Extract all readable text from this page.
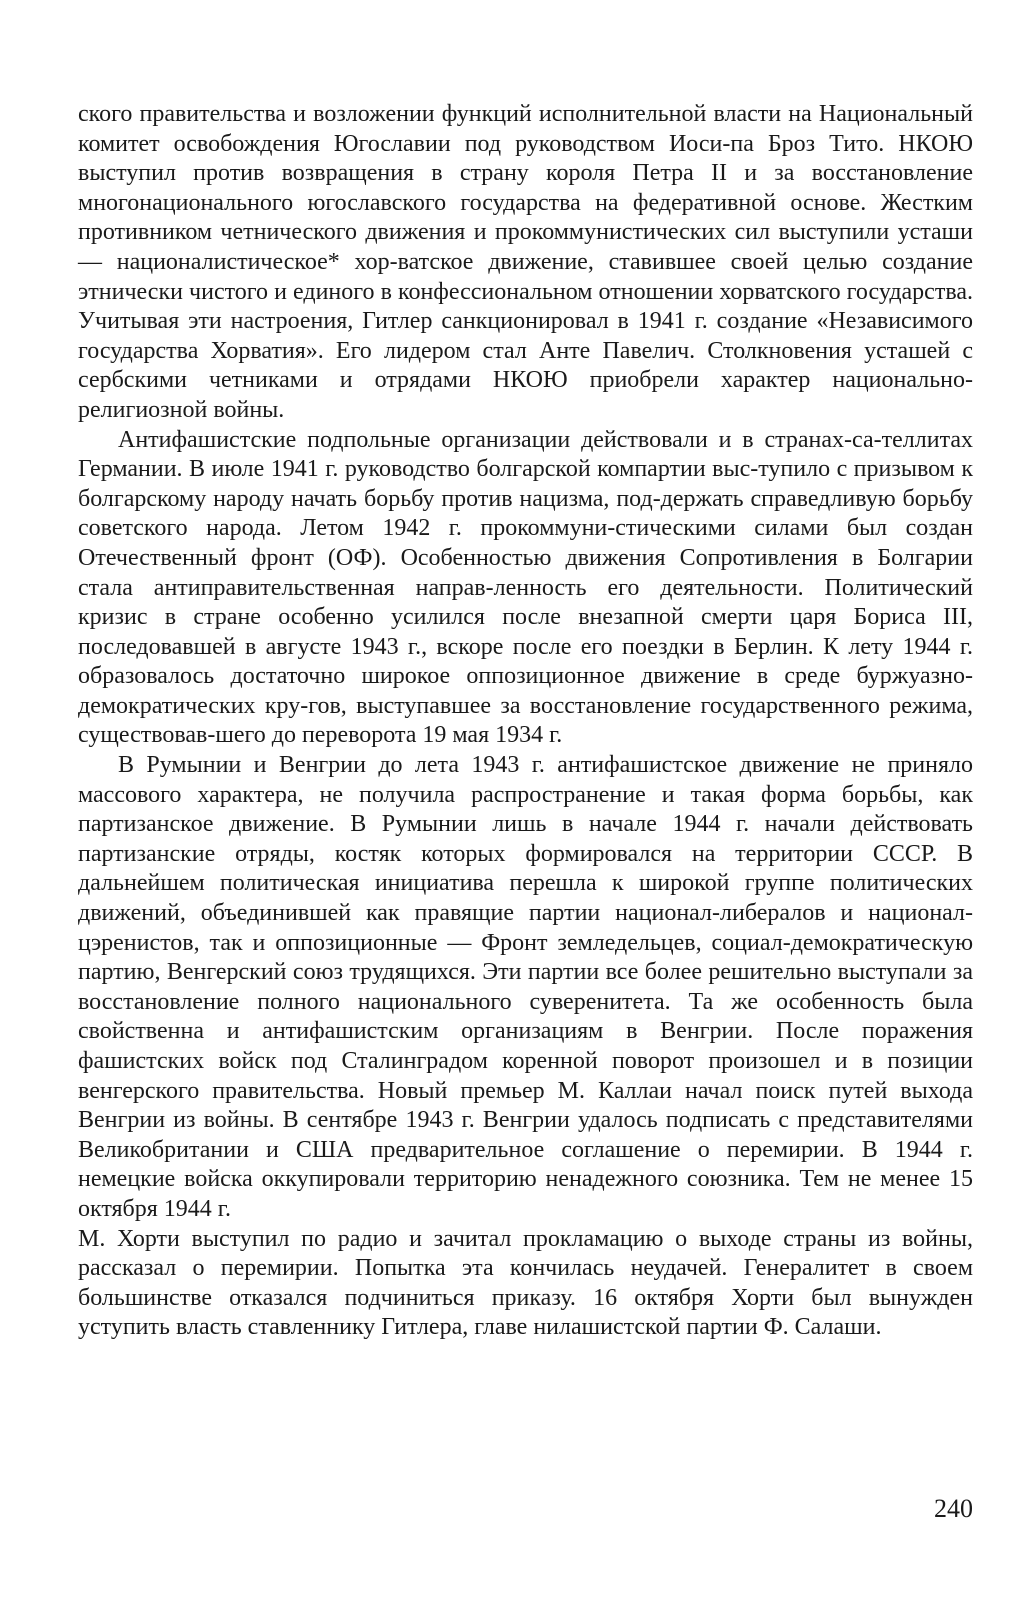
ского правительства и возложении функций исполнительной власти на Национальный комитет освобождения Югославии под руководством Иоси-па Броз Тито. НКОЮ выступил против возвращения в страну короля Петра II и за восстановление многонационального югославского государства на федеративной основе. Жестким противником четнического движения и прокоммунистических сил выступили усташи — националистическое* хор-ватское движение, ставившее своей целью создание этнически чистого и единого в конфессиональном отношении хорватского государства. Учитывая эти настроения, Гитлер санкционировал в 1941 г. создание «Независимого государства Хорватия». Его лидером стал Анте Павелич. Столкновения усташей с сербскими четниками и отрядами НКОЮ приобрели характер национально-религиозной войны.

Антифашистские подпольные организации действовали и в странах-са-теллитах Германии. В июле 1941 г. руководство болгарской компартии выс-тупило с призывом к болгарскому народу начать борьбу против нацизма, под-держать справедливую борьбу советского народа. Летом 1942 г. прокоммуни-стическими силами был создан Отечественный фронт (ОФ). Особенностью движения Сопротивления в Болгарии стала антиправительственная направ-ленность его деятельности. Политический кризис в стране особенно усилился после внезапной смерти царя Бориса III, последовавшей в августе 1943 г., вскоре после его поездки в Берлин. К лету 1944 г. образовалось достаточно широкое оппозиционное движение в среде буржуазно-демократических кру-гов, выступавшее за восстановление государственного режима, существовав-шего до переворота 19 мая 1934 г.

В Румынии и Венгрии до лета 1943 г. антифашистское движение не приняло массового характера, не получила распространение и такая форма борьбы, как партизанское движение. В Румынии лишь в начале 1944 г. начали действовать партизанские отряды, костяк которых формировался на территории СССР. В дальнейшем политическая инициатива перешла к широкой группе политических движений, объединившей как правящие партии национал-либералов и национал-цэренистов, так и оппозиционные — Фронт земледельцев, социал-демократическую партию, Венгерский союз трудящихся. Эти партии все более решительно выступали за восстановление полного национального суверенитета. Та же особенность была свойственна и антифашистским организациям в Венгрии. После поражения фашистских войск под Сталинградом коренной поворот произошел и в позиции венгерского правительства. Новый премьер М. Каллаи начал поиск путей выхода Венгрии из войны. В сентябре 1943 г. Венгрии удалось подписать с представителями Великобритании и США предварительное соглашение о перемирии. В 1944 г. немецкие войска оккупировали территорию ненадежного союзника. Тем не менее 15 октября 1944 г.

М. Хорти выступил по радио и зачитал прокламацию о выходе страны из войны, рассказал о перемирии. Попытка эта кончилась неудачей. Генералитет в своем большинстве отказался подчиниться приказу. 16 октября Хорти был вынужден уступить власть ставленнику Гитлера, главе нилашистской партии Ф. Салаши.

240
